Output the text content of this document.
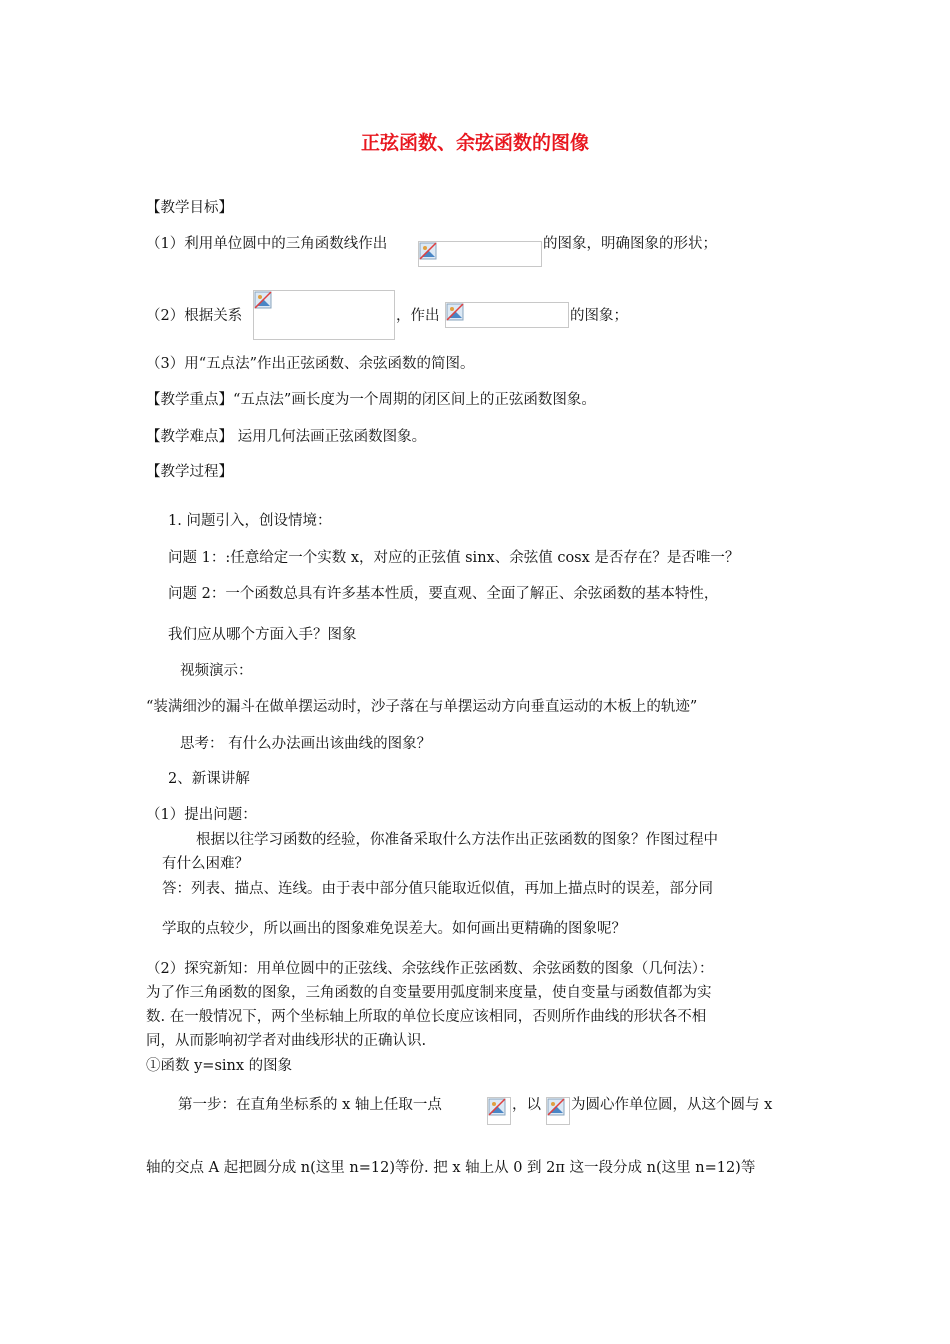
正弦函数、余弦函数的图像
【教学目标】
（1）利用单位圆中的三角函数线作出	的图象，明确图象的形状；
（2）根据关系	，作出	的图象；
（3）用“五点法”作出正弦函数、余弦函数的简图。
【教学重点】“五点法”画长度为一个周期的闭区间上的正弦函数图象。
【教学难点】 运用几何法画正弦函数图象。
【教学过程】
1. 问题引入，创设情境：
问题 1：:任意给定一个实数 x，对应的正弦值 sinx、余弦值 cosx 是否存在？是否唯一？
问题 2：一个函数总具有许多基本性质，要直观、全面了解正、余弦函数的基本特性，
我们应从哪个方面入手？图象
视频演示：
“装满细沙的漏斗在做单摆运动时，沙子落在与单摆运动方向垂直运动的木板上的轨迹”
思考： 有什么办法画出该曲线的图象？
2、新课讲解
（1）提出问题：
根据以往学习函数的经验，你准备采取什么方法作出正弦函数的图象？作图过程中
有什么困难？
答：列表、描点、连线。由于表中部分值只能取近似值，再加上描点时的误差，部分同
学取的点较少，所以画出的图象难免误差大。如何画出更精确的图象呢？
（2）探究新知：用单位圆中的正弦线、余弦线作正弦函数、余弦函数的图象（几何法）：
为了作三角函数的图象，三角函数的自变量要用弧度制来度量，使自变量与函数值都为实
数. 在一般情况下，两个坐标轴上所取的单位长度应该相同，否则所作曲线的形状各不相
同，从而影响初学者对曲线形状的正确认识.
①函数 y=sinx 的图象
第一步：在直角坐标系的 x 轴上任取一点	，以 为圆心作单位圆，从这个圆与 x
轴的交点 A 起把圆分成 n(这里 n=12)等份. 把 x 轴上从 0 到 2π 这一段分成 n(这里 n=12)等
